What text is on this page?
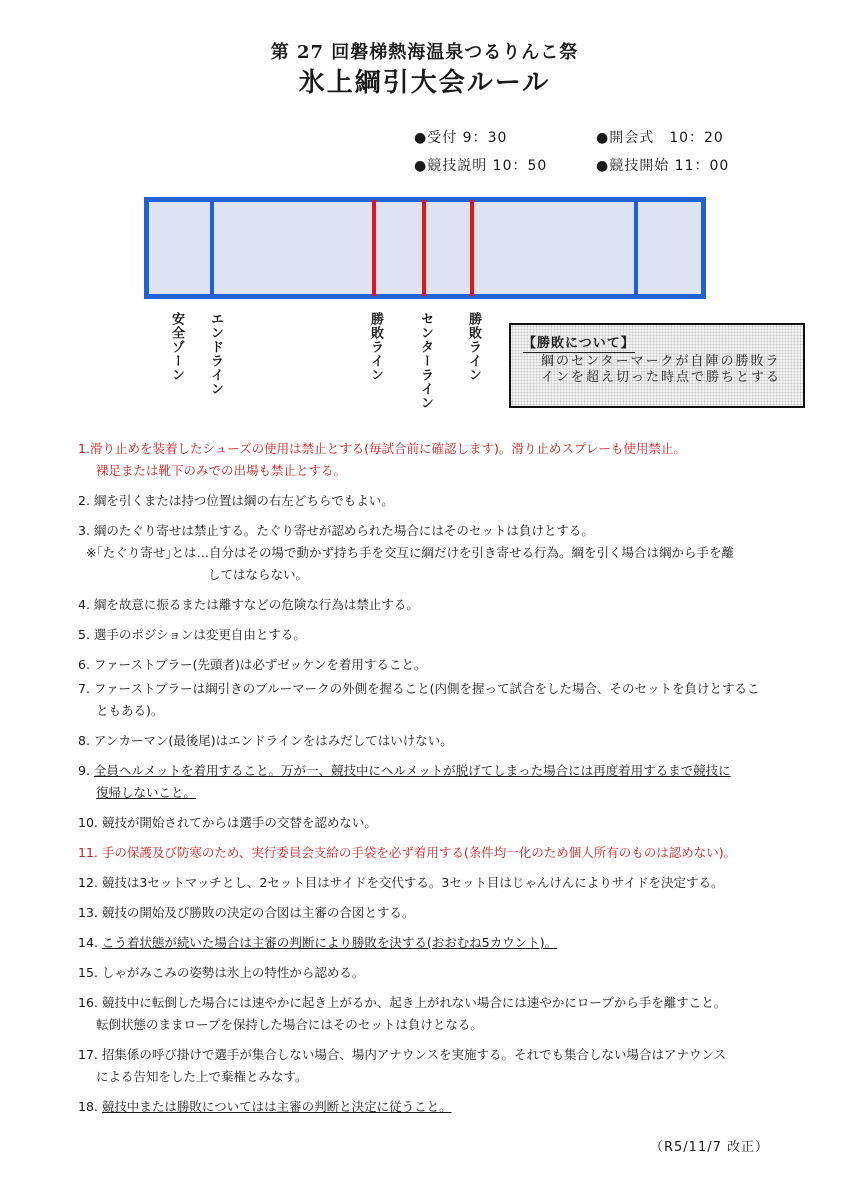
第 27 回磐梯熱海温泉つるりんこ祭
氷上綱引大会ルール
●受付 9：30	●開会式　10：20
●競技説明 10：50	●競技開始 11：00
安全ゾーン エンドライン	勝敗ライン	センターライン	勝敗ライン	【勝敗について】
綱のセンターマークが自陣の勝敗ラインを超え切った時点で勝ちとする
1.滑り止めを装着したシューズの使用は禁止とする(毎試合前に確認します)。滑り止めスプレーも使用禁止。
裸足または靴下のみでの出場も禁止とする。
2. 綱を引くまたは持つ位置は綱の右左どちらでもよい。
3. 綱のたぐり寄せは禁止する。たぐり寄せが認められた場合にはそのセットは負けとする。
※｢たぐり寄せ｣とは…自分はその場で動かず持ち手を交互に綱だけを引き寄せる行為。綱を引く場合は綱から手を離
してはならない。
4. 綱を故意に振るまたは離すなどの危険な行為は禁止する。
5. 選手のポジションは変更自由とする。
6. ファーストプラー(先頭者)は必ずゼッケンを着用すること。
7. ファーストプラーは綱引きのブルーマークの外側を握ること(内側を握って試合をした場合、そのセットを負けとするこ
ともある)。
8. アンカーマン(最後尾)はエンドラインをはみだしてはいけない。
9. 全員ヘルメットを着用すること。万が一、競技中にヘルメットが脱げてしまった場合には再度着用するまで競技に
復帰しないこと。
10. 競技が開始されてからは選手の交替を認めない。
11. 手の保護及び防寒のため、実行委員会支給の手袋を必ず着用する(条件均一化のため個人所有のものは認めない)。
12. 競技は3セットマッチとし、2セット目はサイドを交代する。3セット目はじゃんけんによりサイドを決定する。
13. 競技の開始及び勝敗の決定の合図は主審の合図とする。
14. こう着状態が続いた場合は主審の判断により勝敗を決する(おおむね5カウント)。
15. しゃがみこみの姿勢は氷上の特性から認める。
16. 競技中に転倒した場合には速やかに起き上がるか、起き上がれない場合には速やかにロープから手を離すこと。
転倒状態のままロープを保持した場合にはそのセットは負けとなる。
17. 招集係の呼び掛けで選手が集合しない場合、場内アナウンスを実施する。それでも集合しない場合はアナウンス
による告知をした上で棄権とみなす。
18. 競技中または勝敗についてはは主審の判断と決定に従うこと。
（R5/11/7 改正）
